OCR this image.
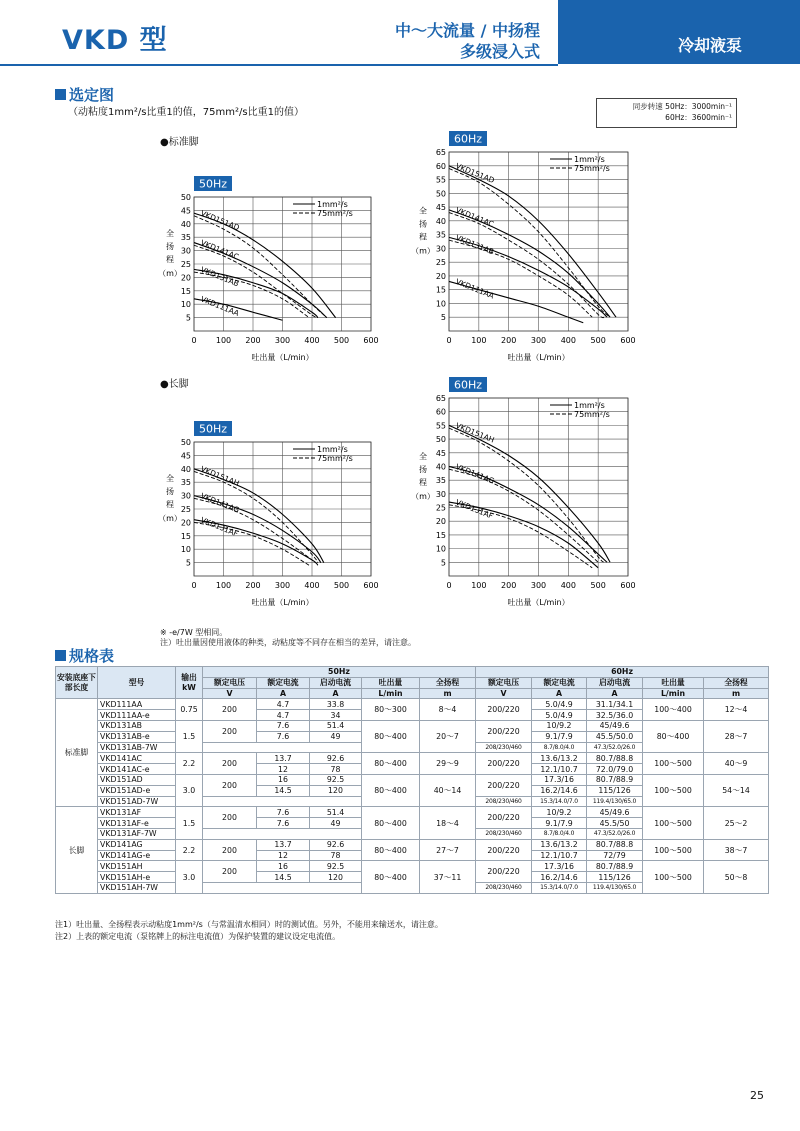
VKD 型	中～大流量 / 中扬程
多级浸入式	冷却液泵
选定图
（动粘度1mm²/s比重1的值，75mm²/s比重1的值）
同步转速 50Hz：3000min⁻¹
60Hz：3600min⁻¹
●标准脚
●长脚
50Hz
0 100 200 300 400 500 600
5
10
15
20
25
30
35
40
45
50
吐出量（L/min）
全扬程（m）
1mm²/s
75mm²/s
VKD151AD
VKD141AC
VKD131AB
VKD111AA
60Hz
0 100 200 300 400 500 600
5
10
15
20
25
30
35
40
45
50
55
60
65
吐出量（L/min）
全扬程（m）
1mm²/s
75mm²/s
VKD151AD
VKD141AC
VKD131AB
VKD111AA
50Hz
0 100 200 300 400 500 600
5
10
15
20
25
30
35
40
45
50
吐出量（L/min）
全扬程（m）
1mm²/s
75mm²/s
VKD151AH
VKD141AG
VKD131AF
60Hz
0 100 200 300 400 500 600
5
10
15
20
25
30
35
40
45
50
55
60
65
吐出量（L/min）
全扬程（m）
1mm²/s
75mm²/s
VKD151AH
VKD141AG
VKD131AF
※ -e/7W 型相同。
注）吐出量因使用液体的种类，动粘度等不同存在相当的差异，请注意。
规格表
安装底座下部长度	型号	输出kW	50Hz					60Hz				
			额定电压	额定电流	启动电流	吐出量	全扬程	额定电压	额定电流	启动电流	吐出量	全扬程
			V	A	A	L/min	m	V	A	A	L/min	m
标准脚	VKD111AA	0.75	200	4.7	33.8	80～300	8～4	200/220	5.0/4.9	31.1/34.1	100～400	12～4
	VKD111AA-e			4.7	34				5.0/4.9	32.5/36.0		
	VKD131AB	1.5	200	7.6	51.4	80～400	20～7	200/220	10/9.2	45/49.6	80～400	28～7
	VKD131AB-e			7.6	49				9.1/7.9	45.5/50.0		
	VKD131AB-7W							208/230/460	8.7/8.0/4.0	47.3/52.0/26.0		
	VKD141AC	2.2	200	13.7	92.6	80～400	29～9	200/220	13.6/13.2	80.7/88.8	100～500	40～9
	VKD141AC-e			12	78				12.1/10.7	72.0/79.0		
	VKD151AD	3.0	200	16	92.5	80～400	40～14	200/220	17.3/16	80.7/88.9	100～500	54～14
	VKD151AD-e			14.5	120				16.2/14.6	115/126		
	VKD151AD-7W							208/230/460	15.3/14.0/7.0	119.4/130/65.0		
长脚	VKD131AF	1.5	200	7.6	51.4	80～400	18～4	200/220	10/9.2	45/49.6	100～500	25～2
	VKD131AF-e			7.6	49				9.1/7.9	45.5/50		
	VKD131AF-7W							208/230/460	8.7/8.0/4.0	47.3/52.0/26.0		
	VKD141AG	2.2	200	13.7	92.6	80～400	27～7	200/220	13.6/13.2	80.7/88.8	100～500	38～7
	VKD141AG-e			12	78				12.1/10.7	72/79		
	VKD151AH	3.0	200	16	92.5	80～400	37～11	200/220	17.3/16	80.7/88.9	100～500	50～8
	VKD151AH-e			14.5	120				16.2/14.6	115/126		
	VKD151AH-7W							208/230/460	15.3/14.0/7.0	119.4/130/65.0		
注1）吐出量、全扬程表示动粘度1mm²/s（与常温清水相同）时的测试值。另外，不能用来输送水，请注意。
注2）上表的额定电流（泵铭牌上的标注电流值）为保护装置的建议设定电流值。
25
